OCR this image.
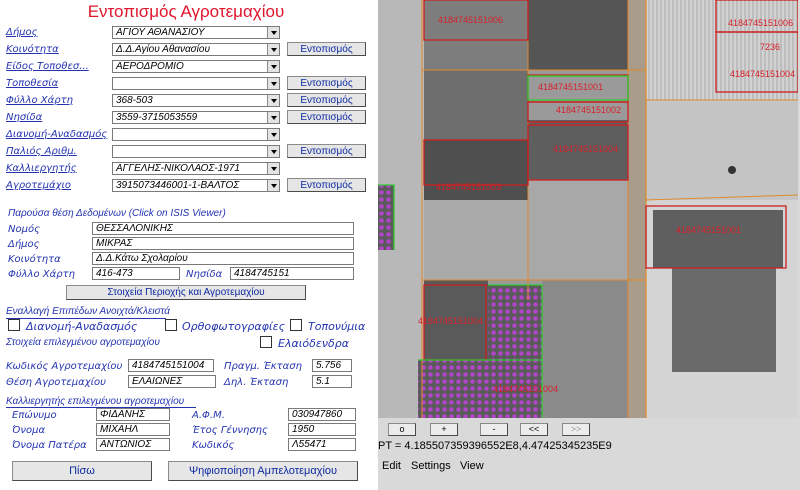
Εντοπισμός Αγροτεμαχίου
Δήμος	ΑΓΙΟΥ ΑΘΑΝΑΣΙΟΥ
Κοινότητα	Δ.Δ.Αγίου Αθανασίου	Εντοπισμός
Είδος Τοποθεσ...	ΑΕΡΟΔΡΟΜΙΟ
Τοποθεσία	Εντοπισμός
Φύλλο Χάρτη	368-503	Εντοπισμός
Νησίδα	3559-3715053559	Εντοπισμός
Διανομή-Αναδασμός
Παλιός Αριθμ.	Εντοπισμός
Καλλιεργητής	ΑΓΓΕΛΗΣ-ΝΙΚΟΛΑΟΣ-1971
Αγροτεμάχιο	3915073446001-1-ΒΑΛΤΟΣ	Εντοπισμός
Παρούσα θέση Δεδομένων (Click on ISIS Viewer)
Νομός	ΘΕΣΣΑΛΟΝΙΚΗΣ
Δήμος	ΜΙΚΡΑΣ
Κοινότητα	Δ.Δ.Κάτω Σχολαρίου
Φύλλο Χάρτη	416-473	Νησίδα	4184745151
Στοιχεία Περιοχής και Αγροτεμαχίου
Εναλλαγή Επιπέδων Ανοιχτά/Κλειστά
Διανομή-Αναδασμός	Ορθοφωτογραφίες Τοπονύμια
Στοιχεία επιλεγμένου αγροτεμαχίου	Ελαιόδενδρα
Κωδικός Αγροτεμαχίου 4184745151004	Πραγμ. Έκταση	5.756
Θέση Αγροτεμαχίου	ΕΛΑΙΩΝΕΣ	Δηλ. Έκταση	5.1
Καλλιεργητής επιλεγμένου αγροτεμαχίου
Επώνυμο	ΦΙΔΑΝΗΣ	Α.Φ.Μ.	030947860
Όνομα	ΜΙΧΑΗΛ	Έτος Γέννησης	1950
Όνομα Πατέρα	ΑΝΤΩΝΙΟΣ	Κωδικός	Λ55471
Πίσω	Ψηφιοποίηση Αμπελοτεμαχίου
4184745151006
4184745151001
4184745151002
4184745151004
4184745151003
4184745151001
4184745151004
4184745151004
7236
4184745151006
4184745151004
o	+	-	<<	>>
PT = 4.185507359396552E8,4.47425345235E9
Edit Settings View
